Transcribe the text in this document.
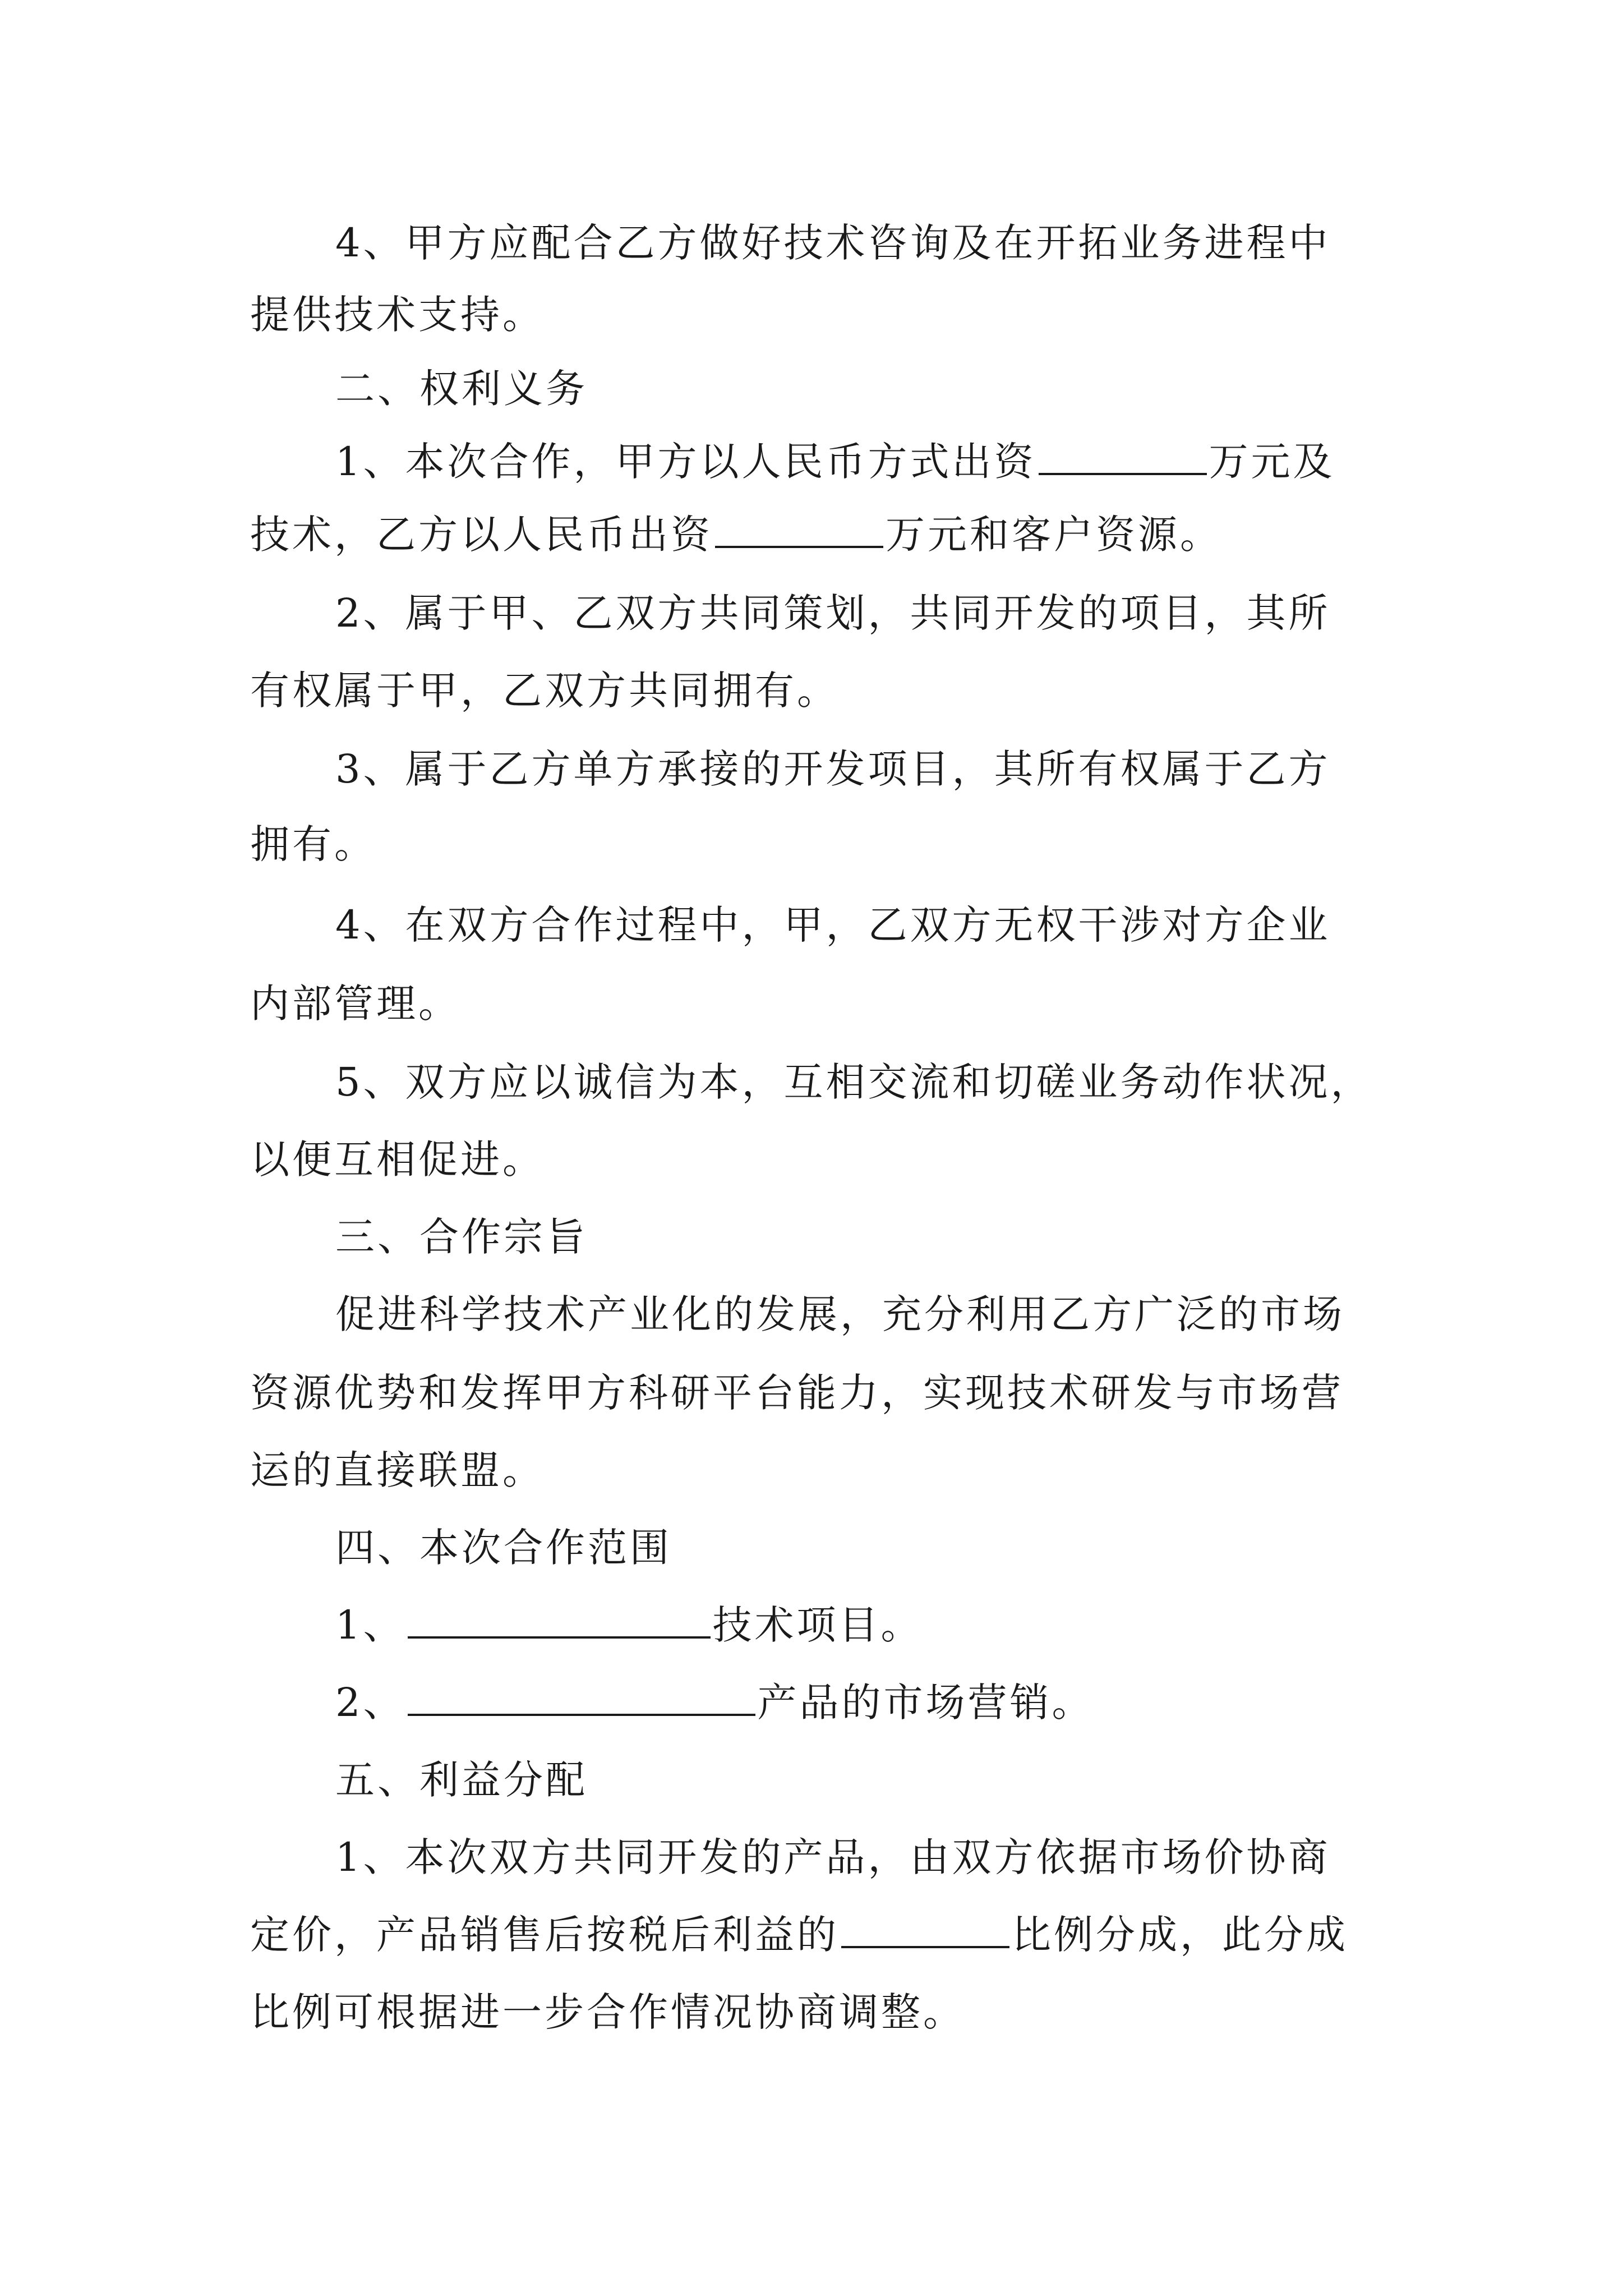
4、甲方应配合乙方做好技术咨询及在开拓业务进程中
提供技术支持。
二、权利义务
1、本次合作，甲方以人民币方式出资	万元及
技术，乙方以人民币出资	万元和客户资源。
2、属于甲、乙双方共同策划，共同开发的项目，其所
有权属于甲，乙双方共同拥有。
3、属于乙方单方承接的开发项目，其所有权属于乙方
拥有。
4、在双方合作过程中，甲，乙双方无权干涉对方企业
内部管理。
5、双方应以诚信为本，互相交流和切磋业务动作状况，
以便互相促进。
三、合作宗旨
促进科学技术产业化的发展，充分利用乙方广泛的市场
资源优势和发挥甲方科研平台能力，实现技术研发与市场营
运的直接联盟。
四、本次合作范围
1、	技术项目。
2、	产品的市场营销。
五、利益分配
1、本次双方共同开发的产品，由双方依据市场价协商
定价，产品销售后按税后利益的	比例分成，此分成
比例可根据进一步合作情况协商调整。
